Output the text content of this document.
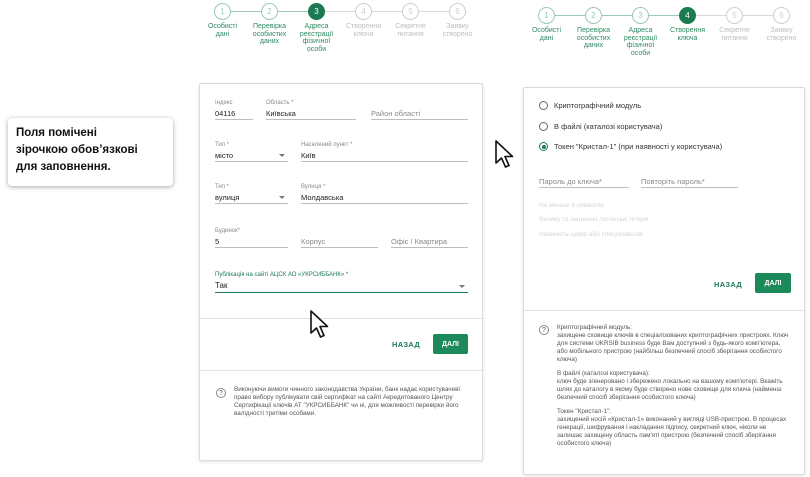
1
Особисті
дані
2
Перевірка
особистих
даних
3
Адреса
реєстрації
фізичної
особи
4
Створення
ключа
5
Секретне
питання
6
Заявку
створено
1
Особисті
дані
2
Перевірка
особистих
даних
3
Адреса
реєстрації
фізичної
особи
4
Створення
ключа
5
Секретне
питання
6
Заявку
створено
Поля помічені
зірочкою обов’язкові
для заповнення.
Індекс
04116
Область *
Київська	Район області
Тип *
місто
Населений пункт *
Київ
Тип *
вулиця
Вулиця *
Молдавська
Будинок*
5	Корпус	Офіс / Квартира
Публікація на сайті АЦСК АО «УКРСИББАНК» *
Так
НАЗАД	ДАЛІ
?	Виконуючи вимоги чинного законодавства України, банк надає користувачеві
право вибору публікувати свій сертифікат на сайті Акредитованого Центру
Сертифікації ключів АТ "УКРСИББАНК" чи ні, для можливості перевірки його
валідності третіми особами.
Криптографічний модуль
В файлі (каталозі користувача)
Токен "Кристал-1" (при наявності у користувача)
Пароль до ключа*	Повторіть пароль*
Не менше 8 символів
Велику та маленькі латинські літери
Наявність цифр або спецсимволів
НАЗАД	ДАЛІ
?	Криптографічний модуль:
захищене сховище ключів в спеціалізованих криптографічних пристроях. Ключ
для системи UKRSIB business буде Вам доступний з будь-якого комп'ютера,
або мобільного пристрою (найбільш безпечний спосіб зберігання особистого
ключа)
В файлі (каталозі користувача):
ключ буде згенеровано і збережено локально на вашому комп'ютері. Вкажіть
шлях до каталогу в якому буде створено нове сховище для ключа (найменш
безпечний спосіб зберігання особистого ключа)
Токен "Кристал-1":
захищений носій «Кристал-1» виконаний у вигляді USB-пристрою. В процесах
генерації, шифрування і накладання підпису, секретний ключ, ніколи не
залишає захищену область пам'яті пристрою (безпечний спосіб зберігання
особистого ключа)
